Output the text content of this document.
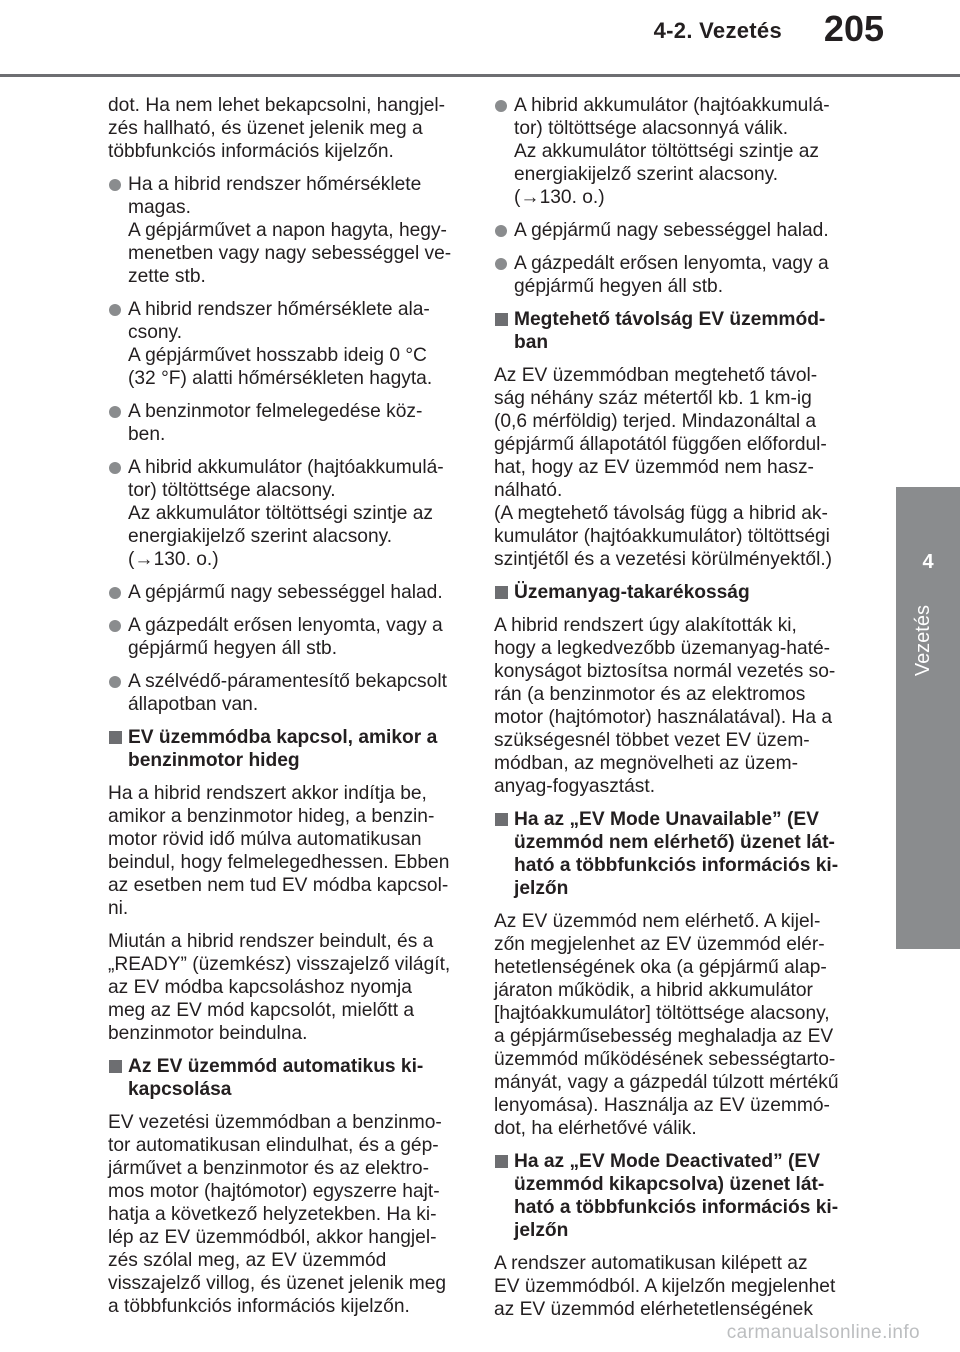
4-2. Vezetés 205
4
Vezetés

dot. Ha nem lehet bekapcsolni, hangjel-
zés hallható, és üzenet jelenik meg a
többfunkciós információs kijelzőn.

Ha a hibrid rendszer hőmérséklete
magas.
A gépjárművet a napon hagyta, hegy-
menetben vagy nagy sebességgel ve-
zette stb.
A hibrid rendszer hőmérséklete ala-
csony.
A gépjárművet hosszabb ideig 0 °C
(32 °F) alatti hőmérsékleten hagyta.
A benzinmotor felmelegedése köz-
ben.
A hibrid akkumulátor (hajtóakkumulá-
tor) töltöttsége alacsony.
Az akkumulátor töltöttségi szintje az
energiakijelző szerint alacsony.
(→130. o.)
A gépjármű nagy sebességgel halad.
A gázpedált erősen lenyomta, vagy a
gépjármű hegyen áll stb.
A szélvédő-páramentesítő bekapcsolt
állapotban van.
EV üzemmódba kapcsol, amikor a
benzinmotor hideg

Ha a hibrid rendszert akkor indítja be,
amikor a benzinmotor hideg, a benzin-
motor rövid idő múlva automatikusan
beindul, hogy felmelegedhessen. Ebben
az esetben nem tud EV módba kapcsol-
ni.

Miután a hibrid rendszer beindult, és a
„READY” (üzemkész) visszajelző világít,
az EV módba kapcsoláshoz nyomja
meg az EV mód kapcsolót, mielőtt a
benzinmotor beindulna.

Az EV üzemmód automatikus ki-
kapcsolása

EV vezetési üzemmódban a benzinmo-
tor automatikusan elindulhat, és a gép-
járművet a benzinmotor és az elektro-
mos motor (hajtómotor) egyszerre hajt-
hatja a következő helyzetekben. Ha ki-
lép az EV üzemmódból, akkor hangjel-
zés szólal meg, az EV üzemmód
visszajelző villog, és üzenet jelenik meg
a többfunkciós információs kijelzőn.

A hibrid akkumulátor (hajtóakkumulá-
tor) töltöttsége alacsonnyá válik.
Az akkumulátor töltöttségi szintje az
energiakijelző szerint alacsony.
(→130. o.)
A gépjármű nagy sebességgel halad.
A gázpedált erősen lenyomta, vagy a
gépjármű hegyen áll stb.
Megtehető távolság EV üzemmód-
ban

Az EV üzemmódban megtehető távol-
ság néhány száz métertől kb. 1 km-ig
(0,6 mérföldig) terjed. Mindazonáltal a
gépjármű állapotától függően előfordul-
hat, hogy az EV üzemmód nem hasz-
nálható.
(A megtehető távolság függ a hibrid ak-
kumulátor (hajtóakkumulátor) töltöttségi
szintjétől és a vezetési körülményektől.)

Üzemanyag-takarékosság

A hibrid rendszert úgy alakították ki,
hogy a legkedvezőbb üzemanyag-haté-
konyságot biztosítsa normál vezetés so-
rán (a benzinmotor és az elektromos
motor (hajtómotor) használatával). Ha a
szükségesnél többet vezet EV üzem-
módban, az megnövelheti az üzem-
anyag-fogyasztást.

Ha az „EV Mode Unavailable” (EV
üzemmód nem elérhető) üzenet lát-
ható a többfunkciós információs ki-
jelzőn

Az EV üzemmód nem elérhető. A kijel-
zőn megjelenhet az EV üzemmód elér-
hetetlenségének oka (a gépjármű alap-
járaton működik, a hibrid akkumulátor
[hajtóakkumulátor] töltöttsége alacsony,
a gépjárműsebesség meghaladja az EV
üzemmód működésének sebességtarto-
mányát, vagy a gázpedál túlzott mértékű
lenyomása). Használja az EV üzemmó-
dot, ha elérhetővé válik.

Ha az „EV Mode Deactivated” (EV
üzemmód kikapcsolva) üzenet lát-
ható a többfunkciós információs ki-
jelzőn

A rendszer automatikusan kilépett az
EV üzemmódból. A kijelzőn megjelenhet
az EV üzemmód elérhetetlenségének

carmanualsonline.info
